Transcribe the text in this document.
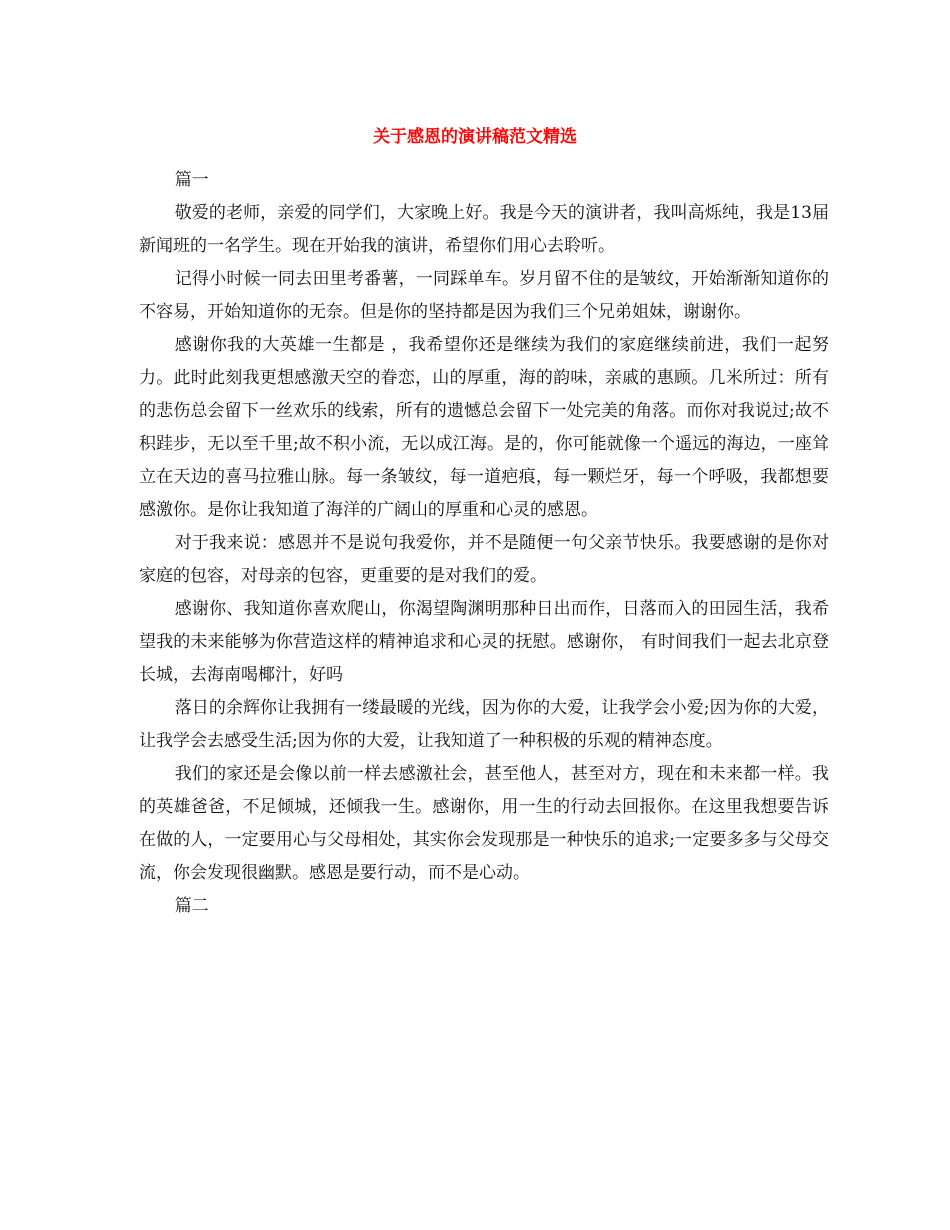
关于感恩的演讲稿范文精选

篇一

敬爱的老师，亲爱的同学们，大家晚上好。我是今天的演讲者，我叫高烁纯，我是13届新闻班的一名学生。现在开始我的演讲，希望你们用心去聆听。

记得小时候一同去田里考番薯，一同踩单车。岁月留不住的是皱纹，开始渐渐知道你的不容易，开始知道你的无奈。但是你的坚持都是因为我们三个兄弟姐妹，谢谢你。

感谢你我的大英雄一生都是 ，我希望你还是继续为我们的家庭继续前进，我们一起努力。此时此刻我更想感激天空的眷恋，山的厚重，海的韵味，亲戚的惠顾。几米所过：所有的悲伤总会留下一丝欢乐的线索，所有的遗憾总会留下一处完美的角落。而你对我说过;故不积跬步，无以至千里;故不积小流，无以成江海。是的，你可能就像一个遥远的海边，一座耸立在天边的喜马拉雅山脉。每一条皱纹，每一道疤痕，每一颗烂牙，每一个呼吸，我都想要感激你。是你让我知道了海洋的广阔山的厚重和心灵的感恩。

对于我来说：感恩并不是说句我爱你，并不是随便一句父亲节快乐。我要感谢的是你对家庭的包容，对母亲的包容，更重要的是对我们的爱。

感谢你、我知道你喜欢爬山，你渴望陶渊明那种日出而作，日落而入的田园生活，我希望我的未来能够为你营造这样的精神追求和心灵的抚慰。感谢你， 有时间我们一起去北京登长城，去海南喝椰汁，好吗

落日的余辉你让我拥有一缕最暖的光线，因为你的大爱，让我学会小爱;因为你的大爱，让我学会去感受生活;因为你的大爱，让我知道了一种积极的乐观的精神态度。

我们的家还是会像以前一样去感激社会，甚至他人，甚至对方，现在和未来都一样。我的英雄爸爸，不足倾城，还倾我一生。感谢你，用一生的行动去回报你。在这里我想要告诉在做的人，一定要用心与父母相处，其实你会发现那是一种快乐的追求;一定要多多与父母交流，你会发现很幽默。感恩是要行动，而不是心动。

篇二
